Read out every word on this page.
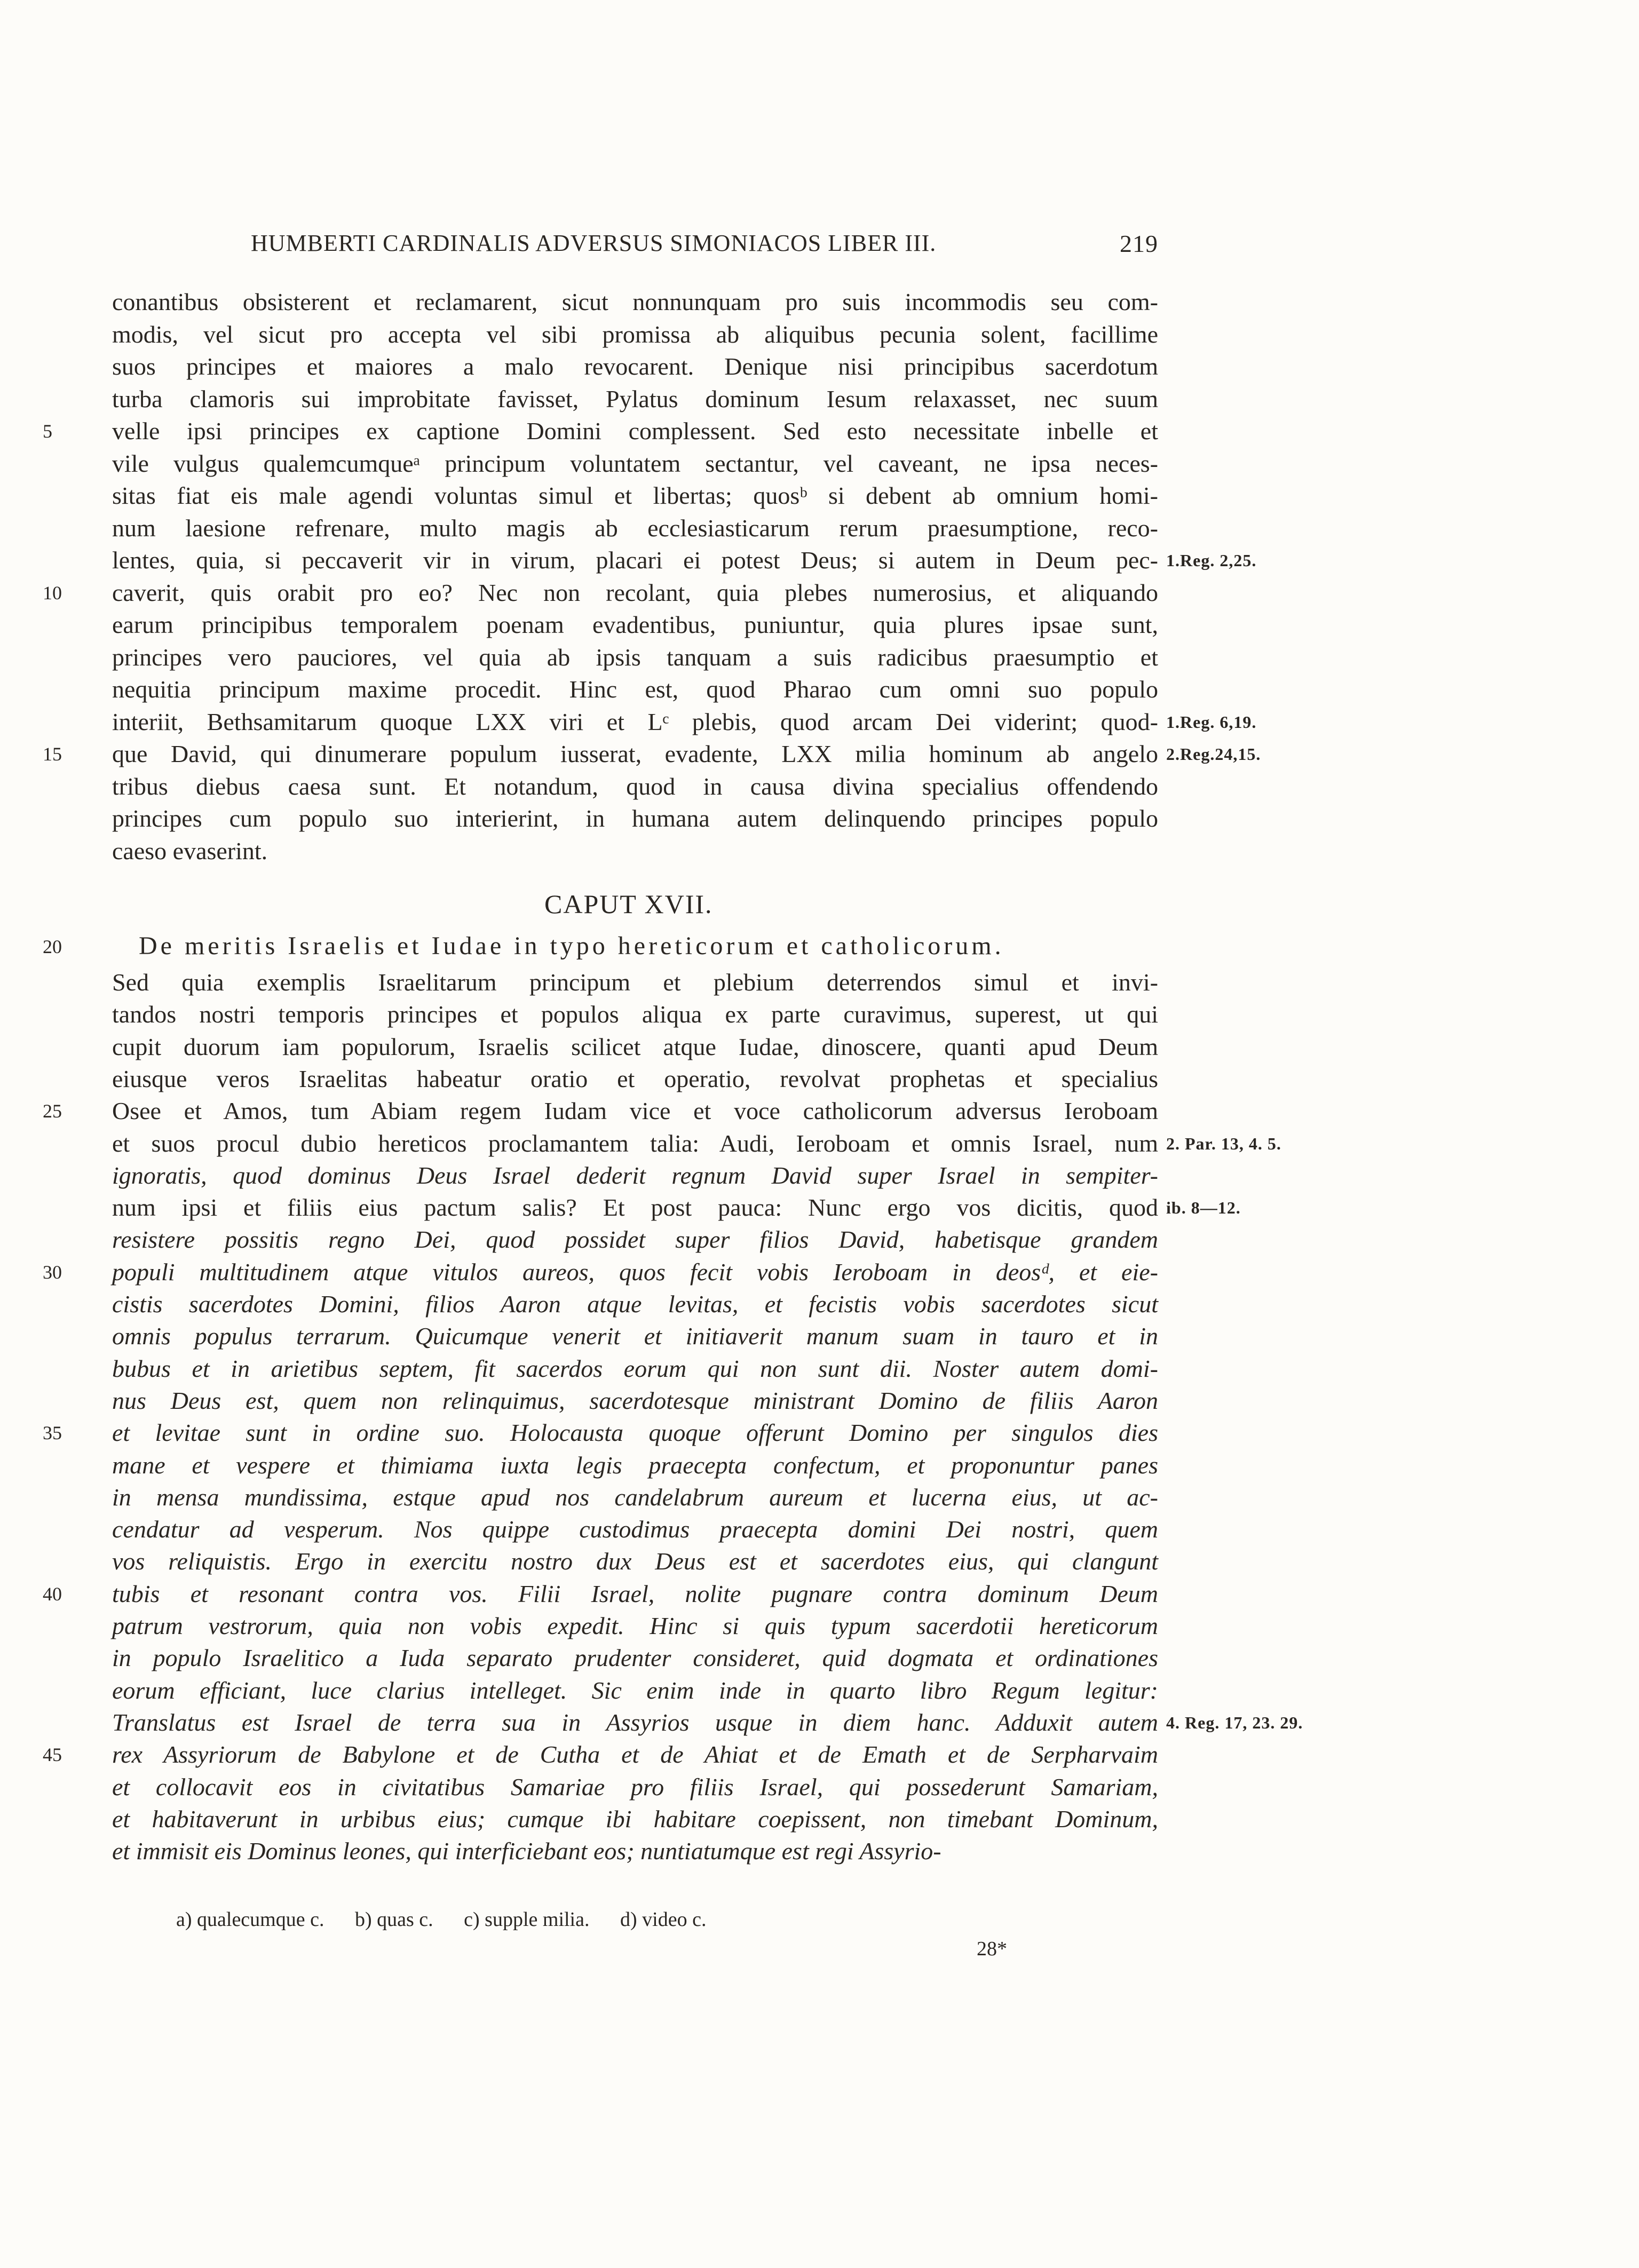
HUMBERTI CARDINALIS ADVERSUS SIMONIACOS LIBER III.	219
conantibus obsisterent et reclamarent, sicut nonnunquam pro suis incommodis seu com-
modis, vel sicut pro accepta vel sibi promissa ab aliquibus pecunia solent, facillime
suos principes et maiores a malo revocarent. Denique nisi principibus sacerdotum
turba clamoris sui improbitate favisset, Pylatus dominum Iesum relaxasset, nec suum
5	velle ipsi principes ex captione Domini complessent. Sed esto necessitate inbelle et
vile vulgus qualemcumqueᵃ principum voluntatem sectantur, vel caveant, ne ipsa neces-
sitas fiat eis male agendi voluntas simul et libertas; quosᵇ si debent ab omnium homi-
num laesione refrenare, multo magis ab ecclesiasticarum rerum praesumptione, reco-
lentes, quia, si peccaverit vir in virum, placari ei potest Deus; si autem in Deum pec- 1.Reg. 2,25.
10	caverit, quis orabit pro eo? Nec non recolant, quia plebes numerosius, et aliquando
earum principibus temporalem poenam evadentibus, puniuntur, quia plures ipsae sunt,
principes vero pauciores, vel quia ab ipsis tanquam a suis radicibus praesumptio et
nequitia principum maxime procedit. Hinc est, quod Pharao cum omni suo populo
interiit, Bethsamitarum quoque LXX viri et Lᶜ plebis, quod arcam Dei viderint; quod- 1.Reg. 6,19.
15	que David, qui dinumerare populum iusserat, evadente, LXX milia hominum ab angelo 2.Reg.24,15.
tribus diebus caesa sunt. Et notandum, quod in causa divina specialius offendendo
principes cum populo suo interierint, in humana autem delinquendo principes populo
caeso evaserint.
CAPUT XVII.
20	De meritis Israelis et Iudae in typo hereticorum et catholicorum.
Sed quia exemplis Israelitarum principum et plebium deterrendos simul et invi-
tandos nostri temporis principes et populos aliqua ex parte curavimus, superest, ut qui
cupit duorum iam populorum, Israelis scilicet atque Iudae, dinoscere, quanti apud Deum
eiusque veros Israelitas habeatur oratio et operatio, revolvat prophetas et specialius
25	Osee et Amos, tum Abiam regem Iudam vice et voce catholicorum adversus Ieroboam
et suos procul dubio hereticos proclamantem talia: Audi, Ieroboam et omnis Israel, num 2. Par. 13, 4. 5.
ignoratis, quod dominus Deus Israel dederit regnum David super Israel in sempiter-
num ipsi et filiis eius pactum salis? Et post pauca: Nunc ergo vos dicitis, quod ib. 8—12.
resistere possitis regno Dei, quod possidet super filios David, habetisque grandem
30	populi multitudinem atque vitulos aureos, quos fecit vobis Ieroboam in deosᵈ, et eie-
cistis sacerdotes Domini, filios Aaron atque levitas, et fecistis vobis sacerdotes sicut
omnis populus terrarum. Quicumque venerit et initiaverit manum suam in tauro et in
bubus et in arietibus septem, fit sacerdos eorum qui non sunt dii. Noster autem domi-
nus Deus est, quem non relinquimus, sacerdotesque ministrant Domino de filiis Aaron
35	et levitae sunt in ordine suo. Holocausta quoque offerunt Domino per singulos dies
mane et vespere et thimiama iuxta legis praecepta confectum, et proponuntur panes
in mensa mundissima, estque apud nos candelabrum aureum et lucerna eius, ut ac-
cendatur ad vesperum. Nos quippe custodimus praecepta domini Dei nostri, quem
vos reliquistis. Ergo in exercitu nostro dux Deus est et sacerdotes eius, qui clangunt
40	tubis et resonant contra vos. Filii Israel, nolite pugnare contra dominum Deum
patrum vestrorum, quia non vobis expedit. Hinc si quis typum sacerdotii hereticorum
in populo Israelitico a Iuda separato prudenter consideret, quid dogmata et ordinationes
eorum efficiant, luce clarius intelleget. Sic enim inde in quarto libro Regum legitur:
Translatus est Israel de terra sua in Assyrios usque in diem hanc. Adduxit autem 4. Reg. 17, 23. 29.
45	rex Assyriorum de Babylone et de Cutha et de Ahiat et de Emath et de Serpharvaim
et collocavit eos in civitatibus Samariae pro filiis Israel, qui possederunt Samariam,
et habitaverunt in urbibus eius; cumque ibi habitare coepissent, non timebant Dominum,
et immisit eis Dominus leones, qui interficiebant eos; nuntiatumque est regi Assyrio-
a) qualecumque c. b) quas c. c) supple milia. d) video c.
28*
